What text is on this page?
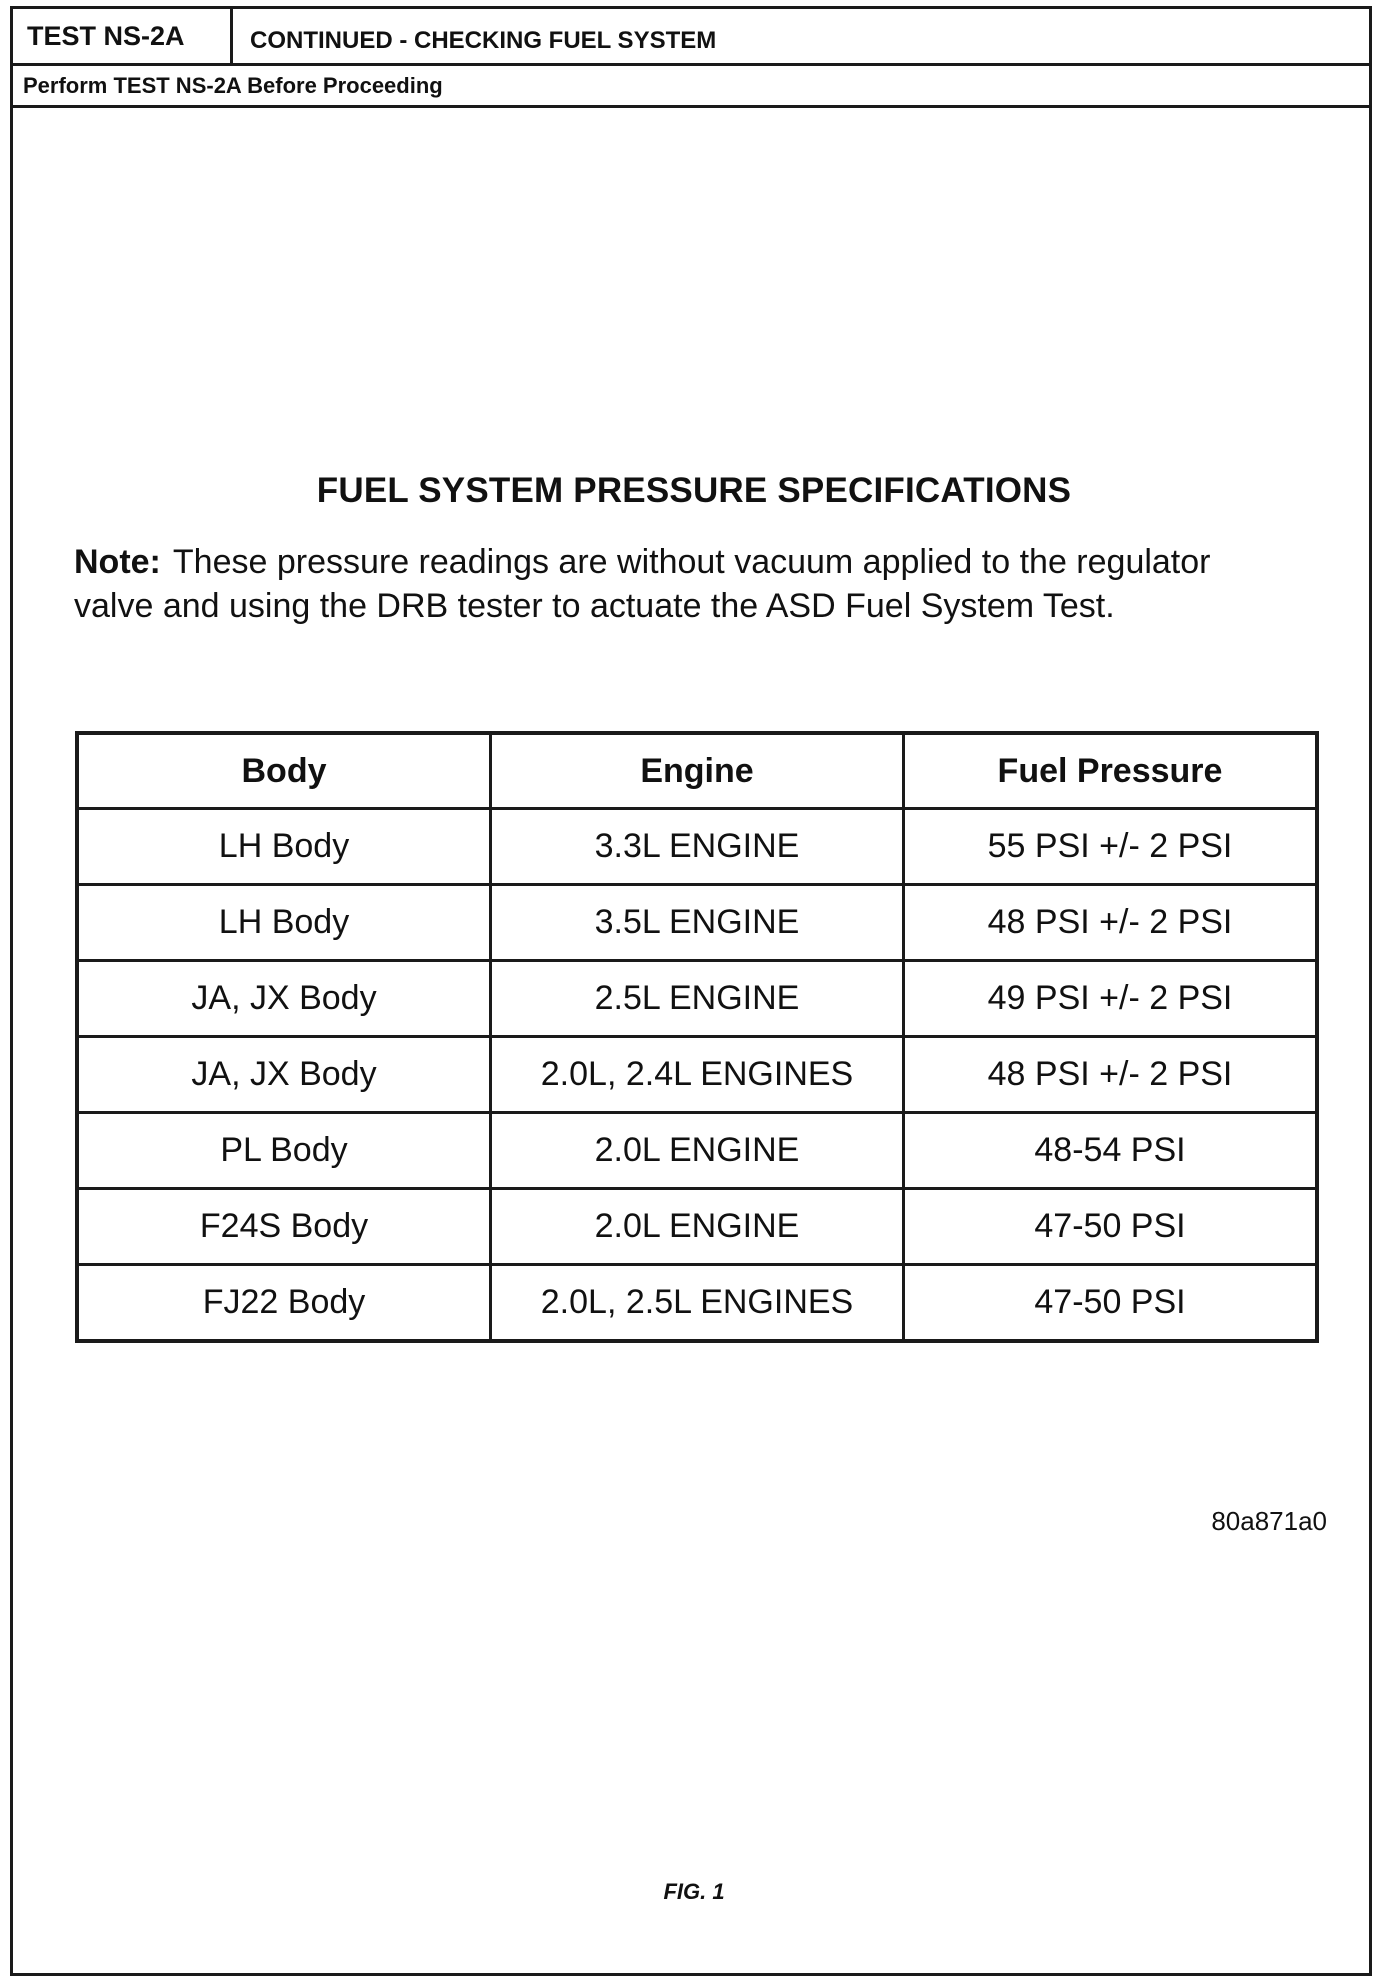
TEST NS-2A	CONTINUED - CHECKING FUEL SYSTEM
Perform TEST NS-2A Before Proceeding
FUEL SYSTEM PRESSURE SPECIFICATIONS
Note: These pressure readings are without vacuum applied to the regulator valve and using the DRB tester to actuate the ASD Fuel System Test.
Body	Engine	Fuel Pressure
LH Body	3.3L ENGINE	55 PSI +/- 2 PSI
LH Body	3.5L ENGINE	48 PSI +/- 2 PSI
JA, JX Body	2.5L ENGINE	49 PSI +/- 2 PSI
JA, JX Body	2.0L, 2.4L ENGINES	48 PSI +/- 2 PSI
PL Body	2.0L ENGINE	48-54 PSI
F24S Body	2.0L ENGINE	47-50 PSI
FJ22 Body	2.0L, 2.5L ENGINES	47-50 PSI
80a871a0
FIG. 1
